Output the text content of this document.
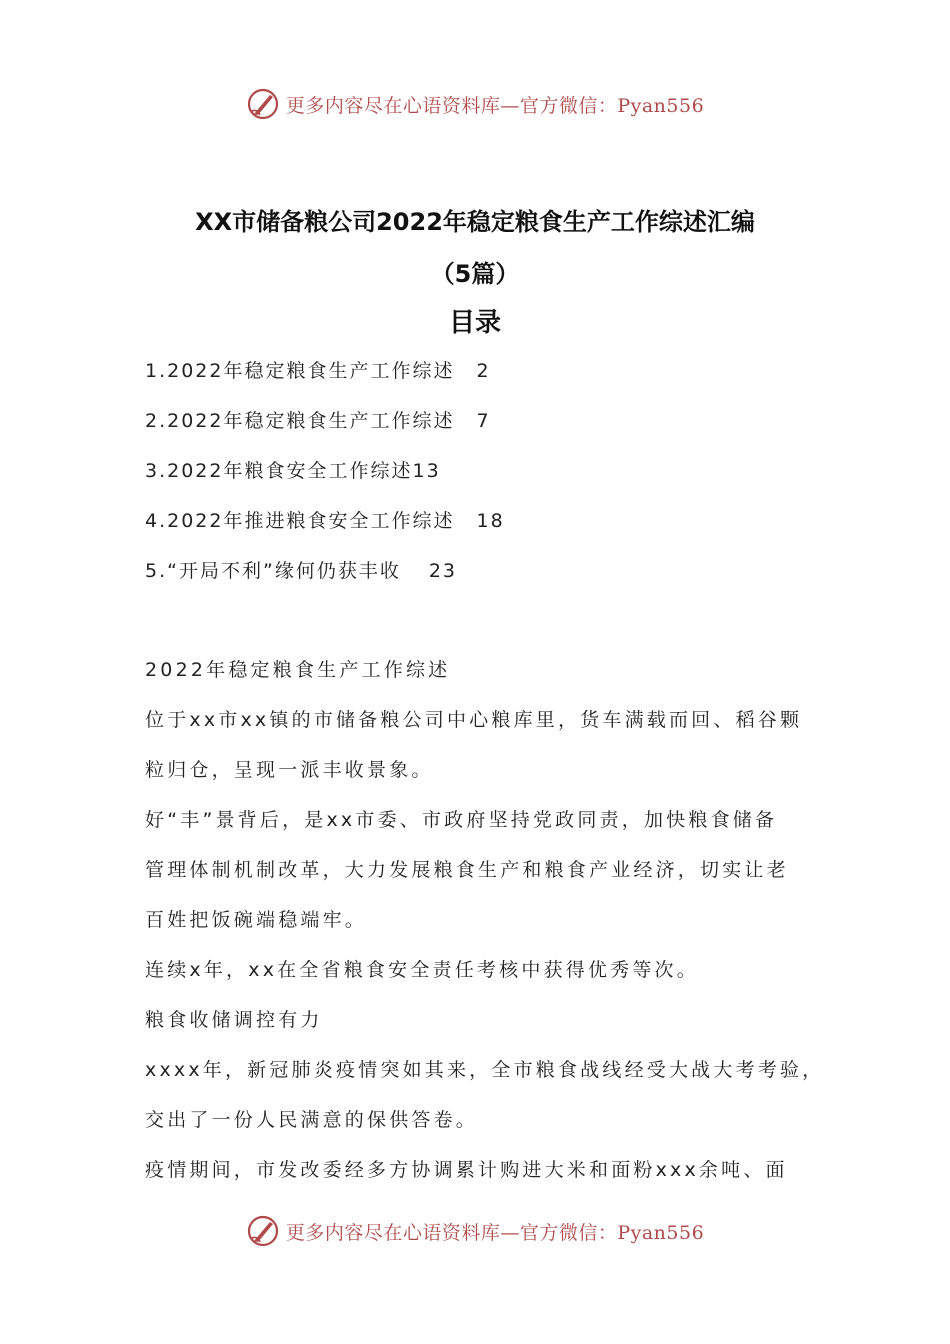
更多内容尽在心语资料库—官方微信：Pyan556
XX市储备粮公司2022年稳定粮食生产工作综述汇编
（5篇）
目录
1.2022年稳定粮食生产工作综述 2
2.2022年稳定粮食生产工作综述 7
3.2022年粮食安全工作综述13
4.2022年推进粮食安全工作综述 18
5.“开局不利”缘何仍获丰收 23
2022年稳定粮食生产工作综述
位于xx市xx镇的市储备粮公司中心粮库里，货车满载而回、稻谷颗
粒归仓，呈现一派丰收景象。
好“丰”景背后，是xx市委、市政府坚持党政同责，加快粮食储备
管理体制机制改革，大力发展粮食生产和粮食产业经济，切实让老
百姓把饭碗端稳端牢。
连续x年，xx在全省粮食安全责任考核中获得优秀等次。
粮食收储调控有力
xxxx年，新冠肺炎疫情突如其来，全市粮食战线经受大战大考考验，
交出了一份人民满意的保供答卷。
疫情期间，市发改委经多方协调累计购进大米和面粉xxx余吨、面
更多内容尽在心语资料库—官方微信：Pyan556
